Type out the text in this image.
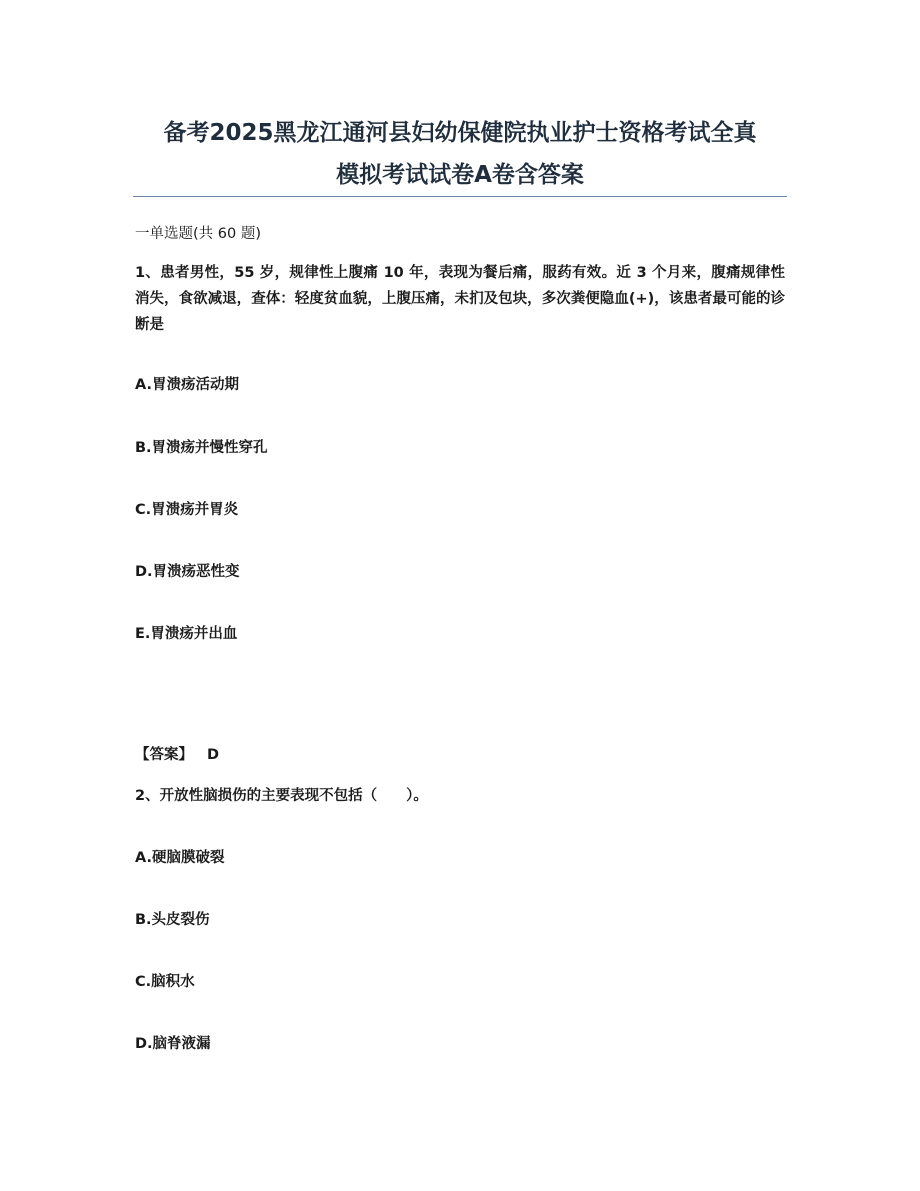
备考2025黑龙江通河县妇幼保健院执业护士资格考试全真
模拟考试试卷A卷含答案
一单选题(共 60 题)
1、患者男性，55 岁，规律性上腹痛 10 年，表现为餐后痛，服药有效。近 3 个月来，腹痛规律性消失，食欲减退，查体：轻度贫血貌，上腹压痛，未扪及包块，多次粪便隐血(+)，该患者最可能的诊断是
A.胃溃疡活动期
B.胃溃疡并慢性穿孔
C.胃溃疡并胃炎
D.胃溃疡恶性变
E.胃溃疡并出血
【答案】 D
2、开放性脑损伤的主要表现不包括（　　）。
A.硬脑膜破裂
B.头皮裂伤
C.脑积水
D.脑脊液漏
